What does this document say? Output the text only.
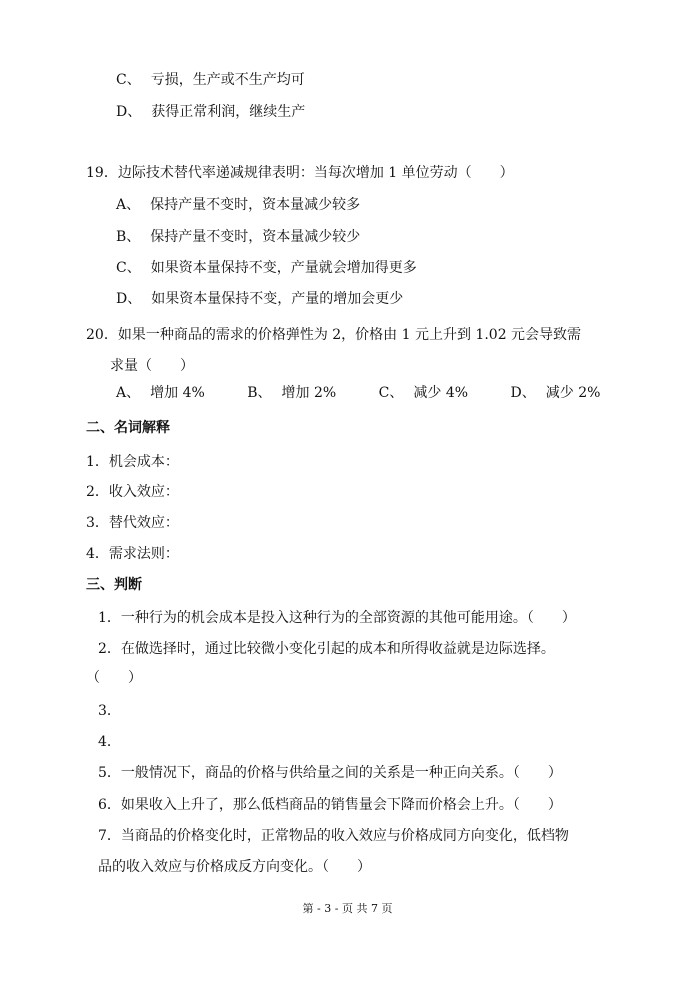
C、 亏损，生产或不生产均可
D、 获得正常利润，继续生产
19．边际技术替代率递减规律表明：当每次增加 1 单位劳动（　　）
A、 保持产量不变时，资本量减少较多
B、 保持产量不变时，资本量减少较少
C、 如果资本量保持不变，产量就会增加得更多
D、 如果资本量保持不变，产量的增加会更少
20．如果一种商品的需求的价格弹性为 2，价格由 1 元上升到 1.02 元会导致需
求量（　　）
A、 增加 4%	B、 增加 2%	C、 减少 4%	D、 减少 2%
二、名词解释
1．机会成本：
2．收入效应：
3．替代效应：
4．需求法则：
三、判断
1．一种行为的机会成本是投入这种行为的全部资源的其他可能用途。（　　）
2．在做选择时，通过比较微小变化引起的成本和所得收益就是边际选择。
（　　）
3．
4．
5．一般情况下，商品的价格与供给量之间的关系是一种正向关系。（　　）
6．如果收入上升了，那么低档商品的销售量会下降而价格会上升。（　　）
7．当商品的价格变化时，正常物品的收入效应与价格成同方向变化，低档物
品的收入效应与价格成反方向变化。（　　）
第 - 3 - 页 共 7 页
